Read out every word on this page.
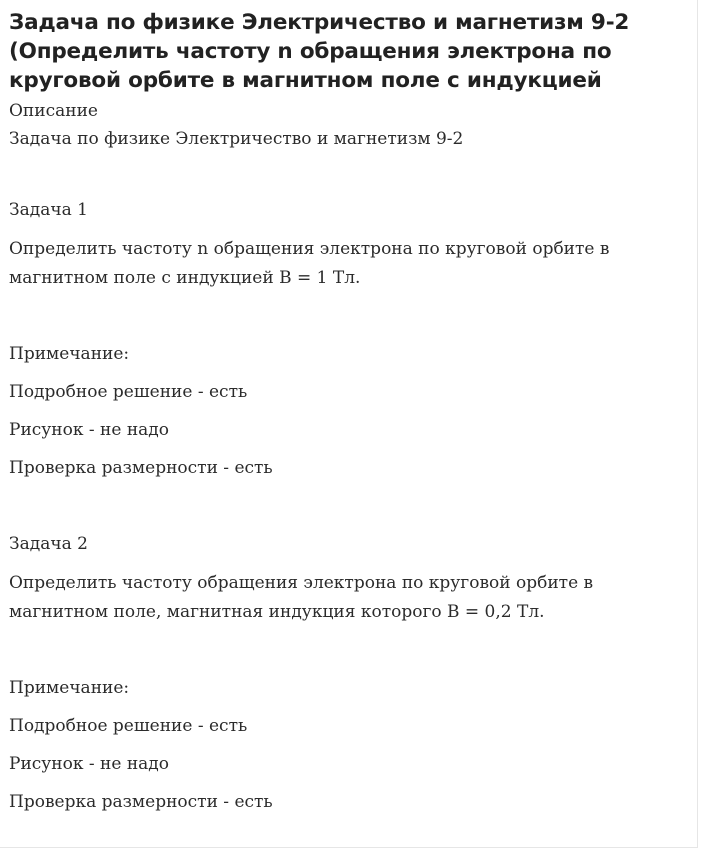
Задача по физике Электричество и магнетизм 9-2 (Определить частоту n обращения электрона по круговой орбите в магнитном поле с индукцией

Описание

Задача по физике Электричество и магнетизм 9-2

Задача 1

Определить частоту n обращения электрона по круговой орбите в магнитном поле с индукцией B = 1 Тл.

Примечание:

Подробное решение - есть

Рисунок - не надо

Проверка размерности - есть

Задача 2

Определить частоту обращения электрона по круговой орбите в магнитном поле, магнитная индукция которого B = 0,2 Тл.

Примечание:

Подробное решение - есть

Рисунок - не надо

Проверка размерности - есть
